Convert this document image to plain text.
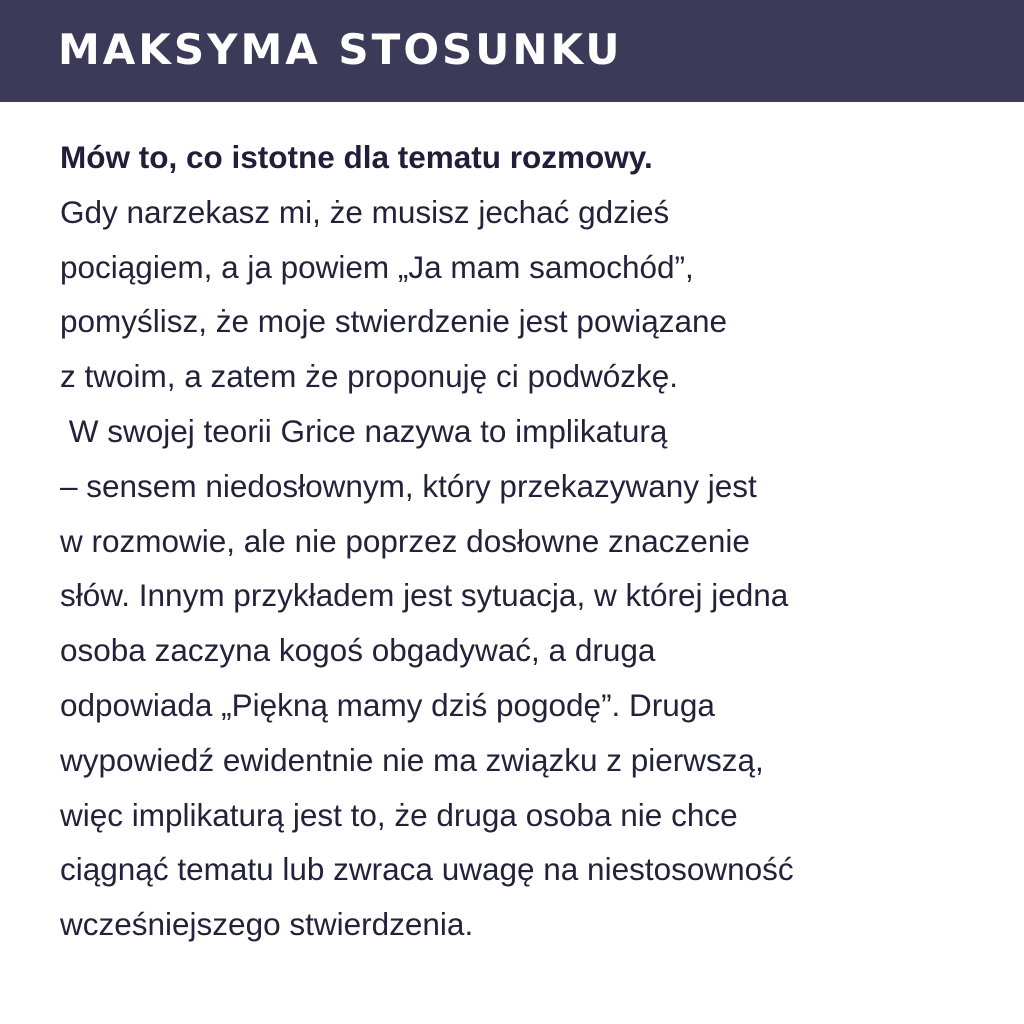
MAKSYMA STOSUNKU
Mów to, co istotne dla tematu rozmowy.
Gdy narzekasz mi, że musisz jechać gdzieś
pociągiem, a ja powiem „Ja mam samochód”,
pomyślisz, że moje stwierdzenie jest powiązane
z twoim, a zatem że proponuję ci podwózkę.
W swojej teorii Grice nazywa to implikaturą
– sensem niedosłownym, który przekazywany jest
w rozmowie, ale nie poprzez dosłowne znaczenie
słów. Innym przykładem jest sytuacja, w której jedna
osoba zaczyna kogoś obgadywać, a druga
odpowiada „Piękną mamy dziś pogodę”. Druga
wypowiedź ewidentnie nie ma związku z pierwszą,
więc implikaturą jest to, że druga osoba nie chce
ciągnąć tematu lub zwraca uwagę na niestosowność
wcześniejszego stwierdzenia.
